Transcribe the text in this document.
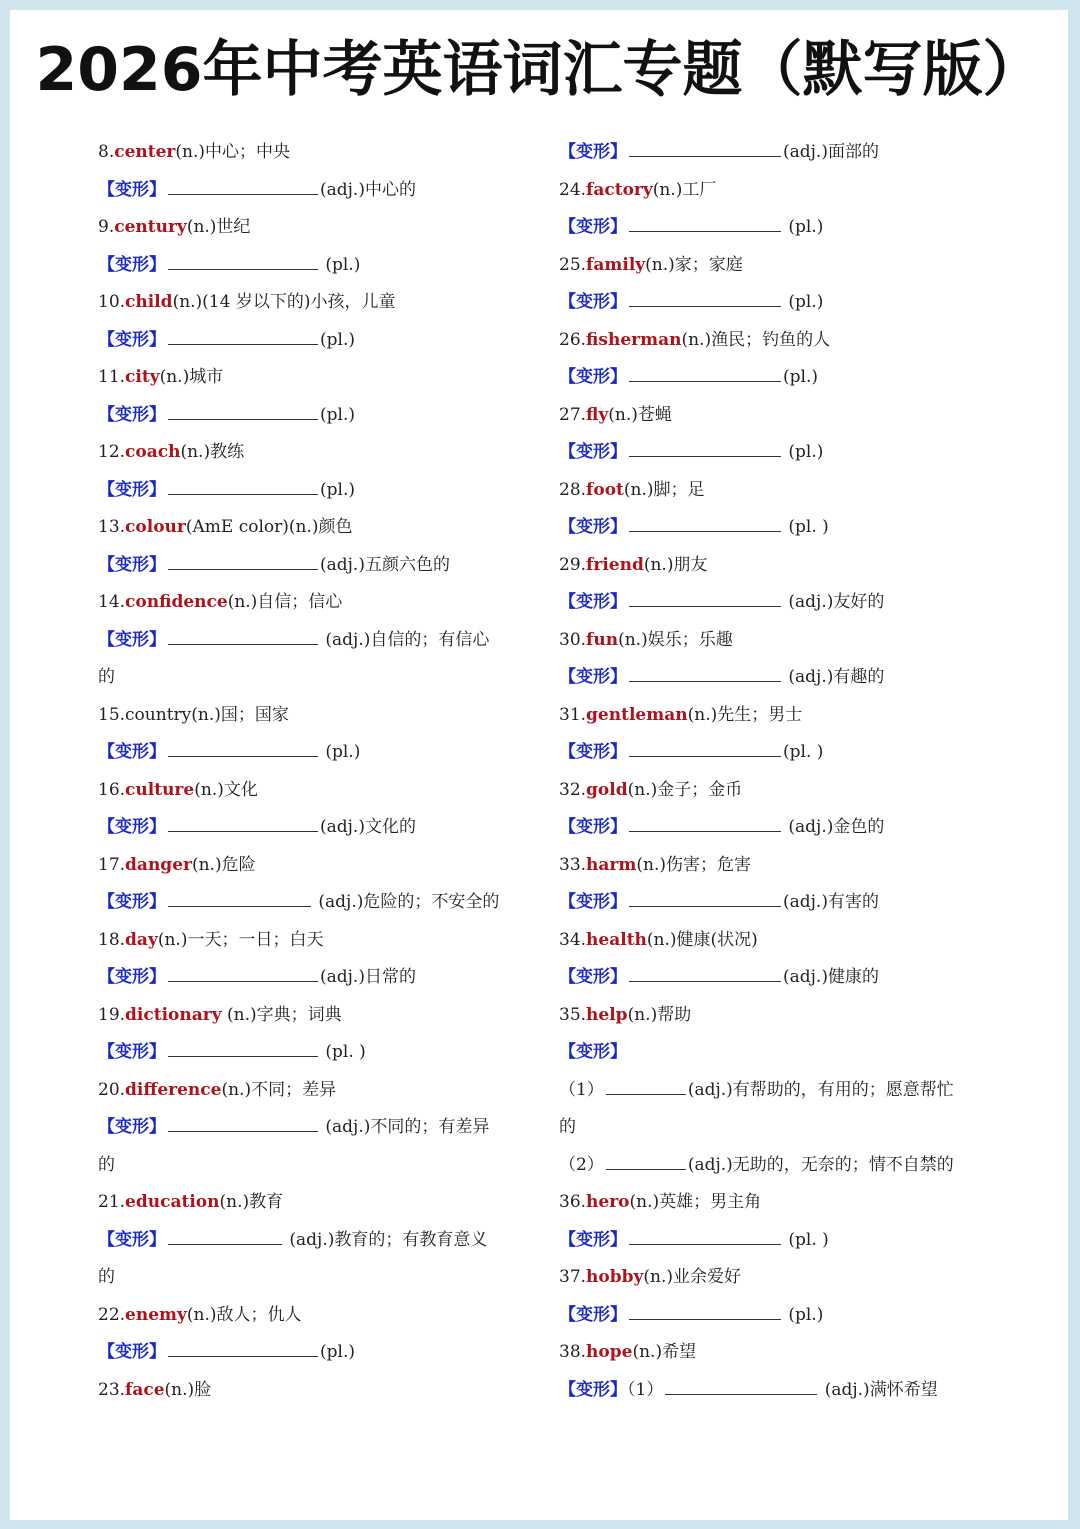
2026年中考英语词汇专题（默写版）
8.center(n.)中心；中央
【变形】	(adj.)中心的
9.century(n.)世纪
【变形】	(pl.)
10.child(n.)(14 岁以下的)小孩，儿童
【变形】	(pl.)
11.city(n.)城市
【变形】	(pl.)
12.coach(n.)教练
【变形】	(pl.)
13.colour(AmE color)(n.)颜色
【变形】	(adj.)五颜六色的
14.confidence(n.)自信；信心
【变形】	(adj.)自信的；有信心
的
15.country(n.)国；国家
【变形】	(pl.)
16.culture(n.)文化
【变形】	(adj.)文化的
17.danger(n.)危险
【变形】	(adj.)危险的；不安全的
18.day(n.)一天；一日；白天
【变形】	(adj.)日常的
19.dictionary (n.)字典；词典
【变形】	(pl. )
20.difference(n.)不同；差异
【变形】	(adj.)不同的；有差异
的
21.education(n.)教育
【变形】	(adj.)教育的；有教育意义
的
22.enemy(n.)敌人；仇人
【变形】	(pl.)
23.face(n.)脸
【变形】	(adj.)面部的
24.factory(n.)工厂
【变形】	(pl.)
25.family(n.)家；家庭
【变形】	(pl.)
26.fisherman(n.)渔民；钓鱼的人
【变形】	(pl.)
27.fly(n.)苍蝇
【变形】	(pl.)
28.foot(n.)脚；足
【变形】	(pl. )
29.friend(n.)朋友
【变形】	(adj.)友好的
30.fun(n.)娱乐；乐趣
【变形】	(adj.)有趣的
31.gentleman(n.)先生；男士
【变形】	(pl. )
32.gold(n.)金子；金币
【变形】	(adj.)金色的
33.harm(n.)伤害；危害
【变形】	(adj.)有害的
34.health(n.)健康(状况)
【变形】	(adj.)健康的
35.help(n.)帮助
【变形】
（1）	(adj.)有帮助的，有用的；愿意帮忙
的
（2）	(adj.)无助的，无奈的；情不自禁的
36.hero(n.)英雄；男主角
【变形】	(pl. )
37.hobby(n.)业余爱好
【变形】	(pl.)
38.hope(n.)希望
【变形】（1）	(adj.)满怀希望
